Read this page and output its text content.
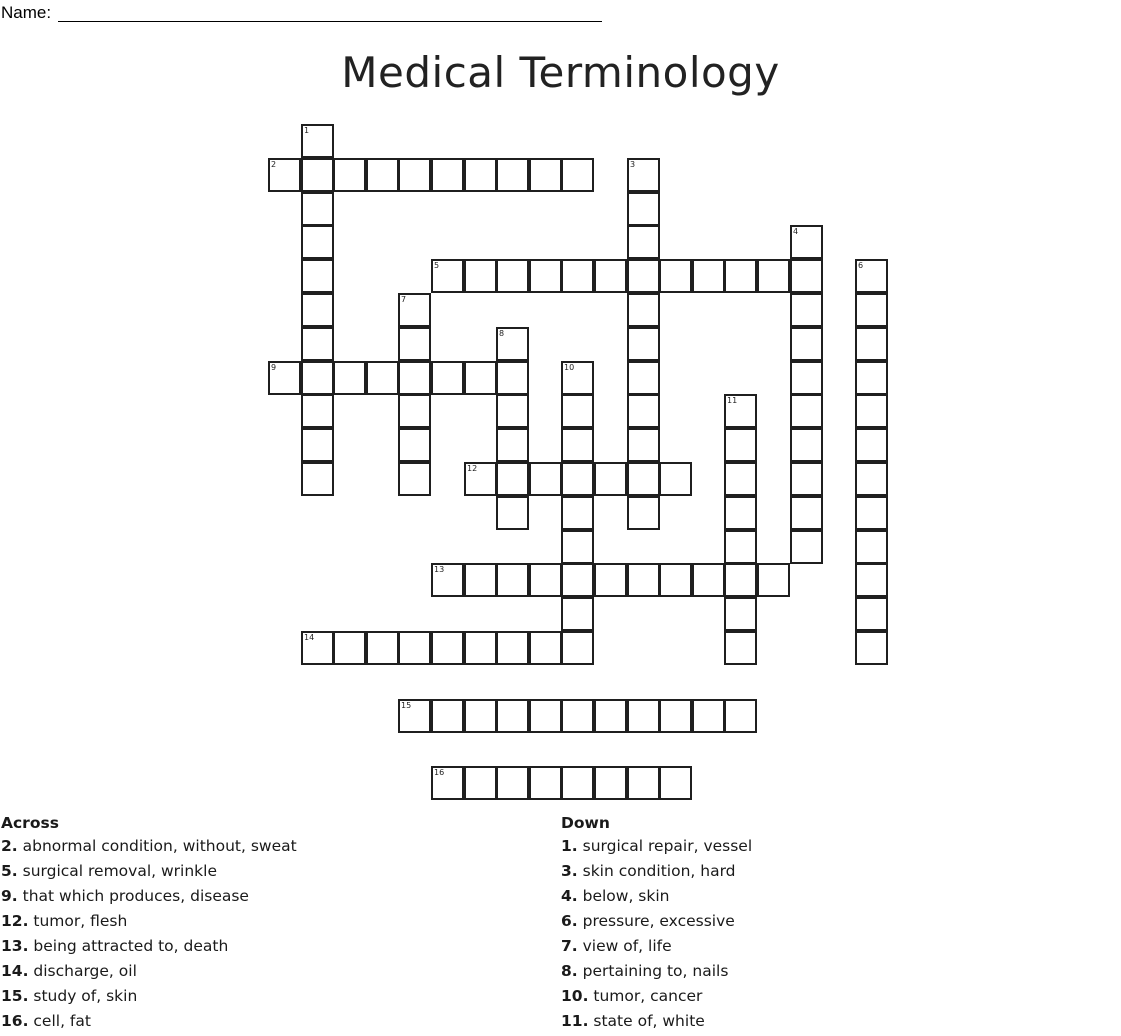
Name:
Medical Terminology
1
2	3
4
5	6
7
8
9	10
11
12
13
14
15
16
Across
2. abnormal condition, without, sweat
5. surgical removal, wrinkle
9. that which produces, disease
12. tumor, flesh
13. being attracted to, death
14. discharge, oil
15. study of, skin
16. cell, fat
Down
1. surgical repair, vessel
3. skin condition, hard
4. below, skin
6. pressure, excessive
7. view of, life
8. pertaining to, nails
10. tumor, cancer
11. state of, white
